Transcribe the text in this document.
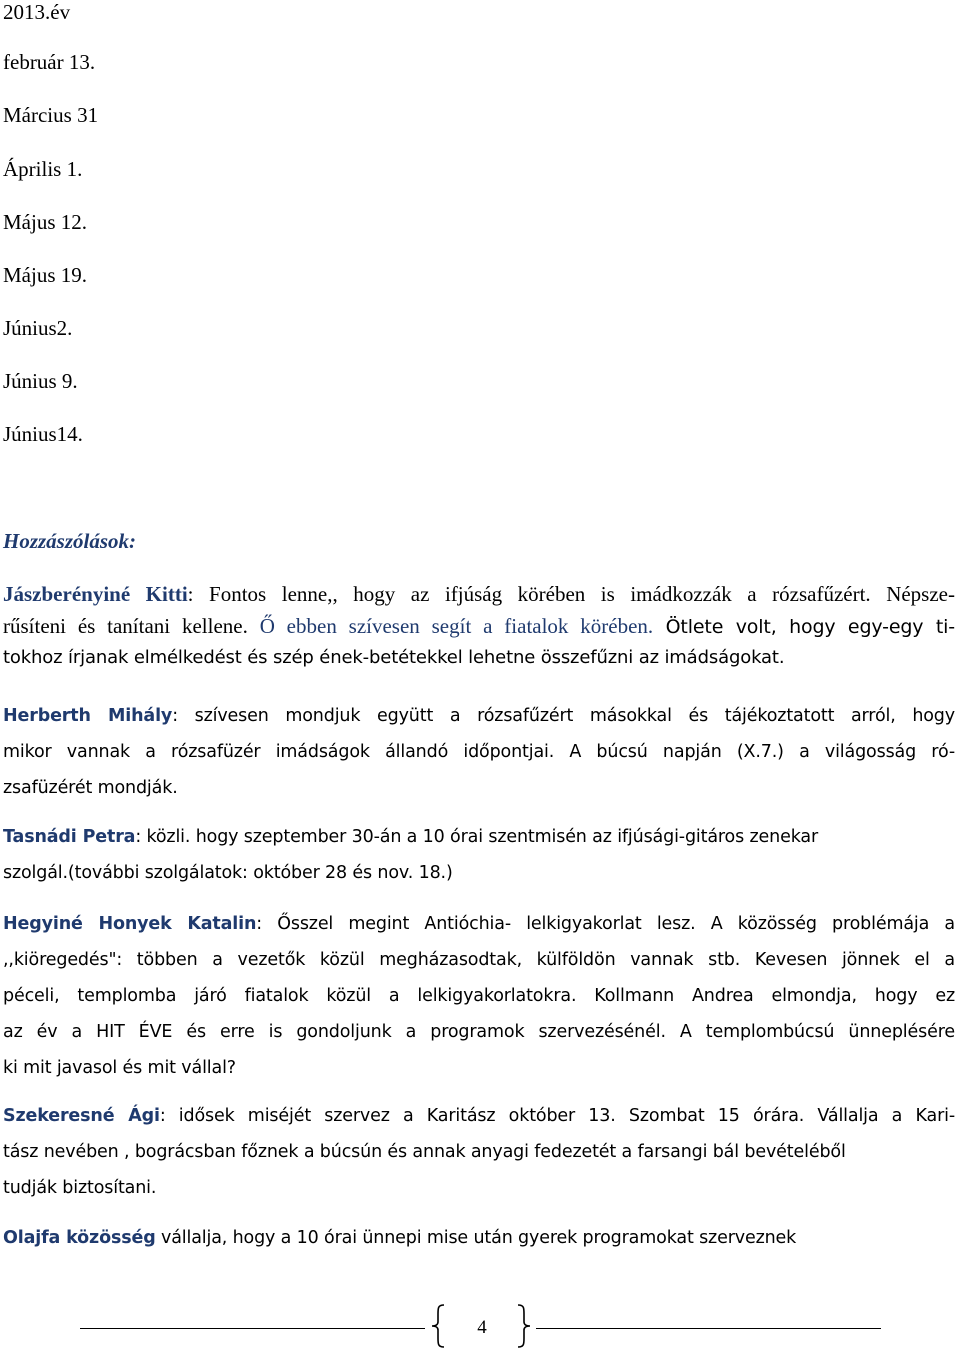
2013.év
február 13.
Március 31
Április 1.
Május 12.
Május 19.
Június2.
Június 9.
Június14.
Hozzászólások:
Jászberényiné Kitti: Fontos lenne,, hogy az ifjúság körében is imádkozzák a rózsafűzért. Népsze-
rűsíteni és tanítani kellene. Ő ebben szívesen segít a fiatalok körében. Ötlete volt, hogy egy-egy ti-
tokhoz írjanak elmélkedést és szép ének-betétekkel lehetne összefűzni az imádságokat.
Herberth Mihály: szívesen mondjuk együtt a rózsafűzért másokkal és tájékoztatott arról, hogy
mikor vannak a rózsafüzér imádságok állandó időpontjai. A búcsú napján (X.7.) a világosság ró-
zsafüzérét mondják.
Tasnádi Petra: közli. hogy szeptember 30-án a 10 órai szentmisén az ifjúsági-gitáros zenekar
szolgál.(további szolgálatok: október 28 és nov. 18.)
Hegyiné Honyek Katalin: Ősszel megint Antióchia- lelkigyakorlat lesz. A közösség problémája a
,,kiöregedés": többen a vezetők közül megházasodtak, külföldön vannak stb. Kevesen jönnek el a
péceli, templomba járó fiatalok közül a lelkigyakorlatokra. Kollmann Andrea elmondja, hogy ez
az év a HIT ÉVE és erre is gondoljunk a programok szervezésénél. A templombúcsú ünneplésére
ki mit javasol és mit vállal?
Szekeresné Ági: idősek miséjét szervez a Karitász október 13. Szombat 15 órára. Vállalja a Kari-
tász nevében , bográcsban főznek a búcsún és annak anyagi fedezetét a farsangi bál bevételéből
tudják biztosítani.
Olajfa közösség vállalja, hogy a 10 órai ünnepi mise után gyerek programokat szerveznek
4
